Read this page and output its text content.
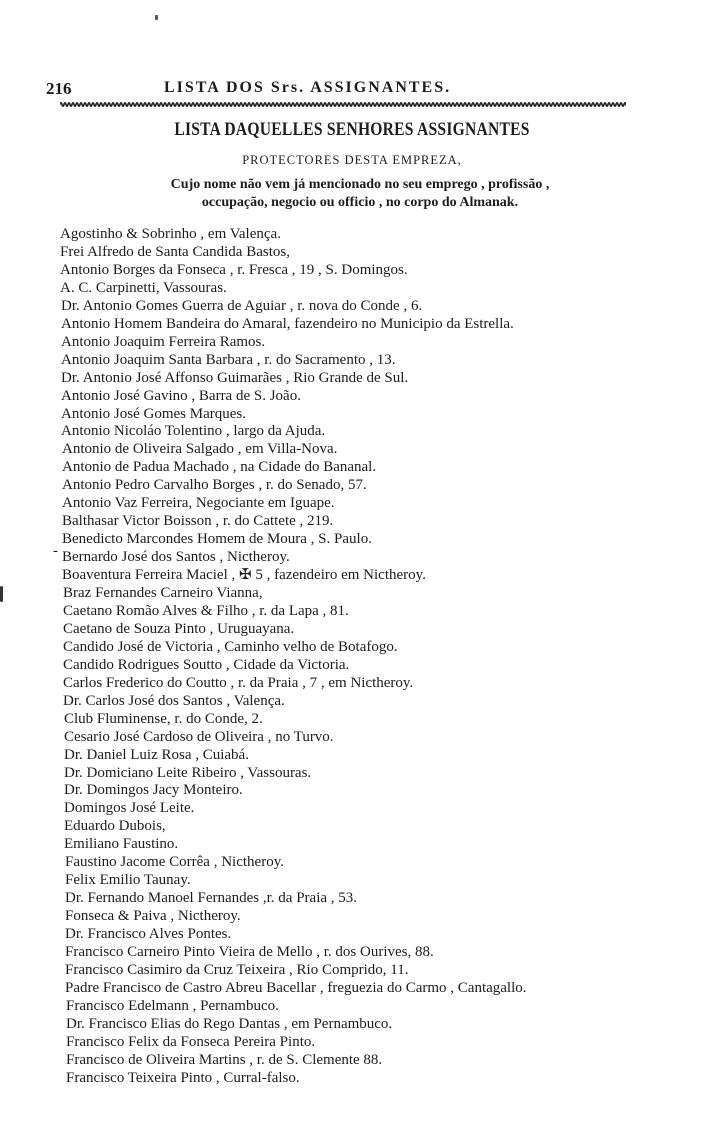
216	LISTA DOS Srs. ASSIGNANTES.
LISTA DAQUELLES SENHORES ASSIGNANTES
PROTECTORES DESTA EMPREZA,
Cujo nome não vem já mencionado no seu emprego , profissão ,
occupação, negocio ou officio , no corpo do Almanak.
-
Agostinho & Sobrinho , em Valença.
Frei Alfredo de Santa Candida Bastos,
Antonio Borges da Fonseca , r. Fresca , 19 , S. Domingos.
A. C. Carpinetti, Vassouras.
Dr. Antonio Gomes Guerra de Aguiar , r. nova do Conde , 6.
Antonio Homem Bandeira do Amaral, fazendeiro no Municipio da Estrella.
Antonio Joaquim Ferreira Ramos.
Antonio Joaquim Santa Barbara , r. do Sacramento , 13.
Dr. Antonio José Affonso Guimarães , Rio Grande de Sul.
Antonio José Gavino , Barra de S. João.
Antonio José Gomes Marques.
Antonio Nicoláo Tolentino , largo da Ajuda.
Antonio de Oliveira Salgado , em Villa-Nova.
Antonio de Padua Machado , na Cidade do Bananal.
Antonio Pedro Carvalho Borges , r. do Senado, 57.
Antonio Vaz Ferreira, Negociante em Iguape.
Balthasar Victor Boisson , r. do Cattete , 219.
Benedicto Marcondes Homem de Moura , S. Paulo.
Bernardo José dos Santos , Nictheroy.
Boaventura Ferreira Maciel , ✠ 5 , fazendeiro em Nictheroy.
Braz Fernandes Carneiro Vianna,
Caetano Romão Alves & Filho , r. da Lapa , 81.
Caetano de Souza Pinto , Uruguayana.
Candido José de Victoria , Caminho velho de Botafogo.
Candido Rodrigues Soutto , Cidade da Victoria.
Carlos Frederico do Coutto , r. da Praia , 7 , em Nictheroy.
Dr. Carlos José dos Santos , Valença.
Club Fluminense, r. do Conde, 2.
Cesario José Cardoso de Oliveira , no Turvo.
Dr. Daniel Luiz Rosa , Cuiabá.
Dr. Domiciano Leite Ribeiro , Vassouras.
Dr. Domingos Jacy Monteiro.
Domingos José Leite.
Eduardo Dubois,
Emiliano Faustino.
Faustino Jacome Corrêa , Nictheroy.
Felix Emilio Taunay.
Dr. Fernando Manoel Fernandes ,r. da Praia , 53.
Fonseca & Paiva , Nictheroy.
Dr. Francisco Alves Pontes.
Francisco Carneiro Pinto Vieira de Mello , r. dos Ourives, 88.
Francisco Casimiro da Cruz Teixeira , Rio Comprido, 11.
Padre Francisco de Castro Abreu Bacellar , freguezia do Carmo , Cantagallo.
Francisco Edelmann , Pernambuco.
Dr. Francisco Elias do Rego Dantas , em Pernambuco.
Francisco Felix da Fonseca Pereira Pinto.
Francisco de Oliveira Martins , r. de S. Clemente 88.
Francisco Teixeira Pinto , Curral-falso.
